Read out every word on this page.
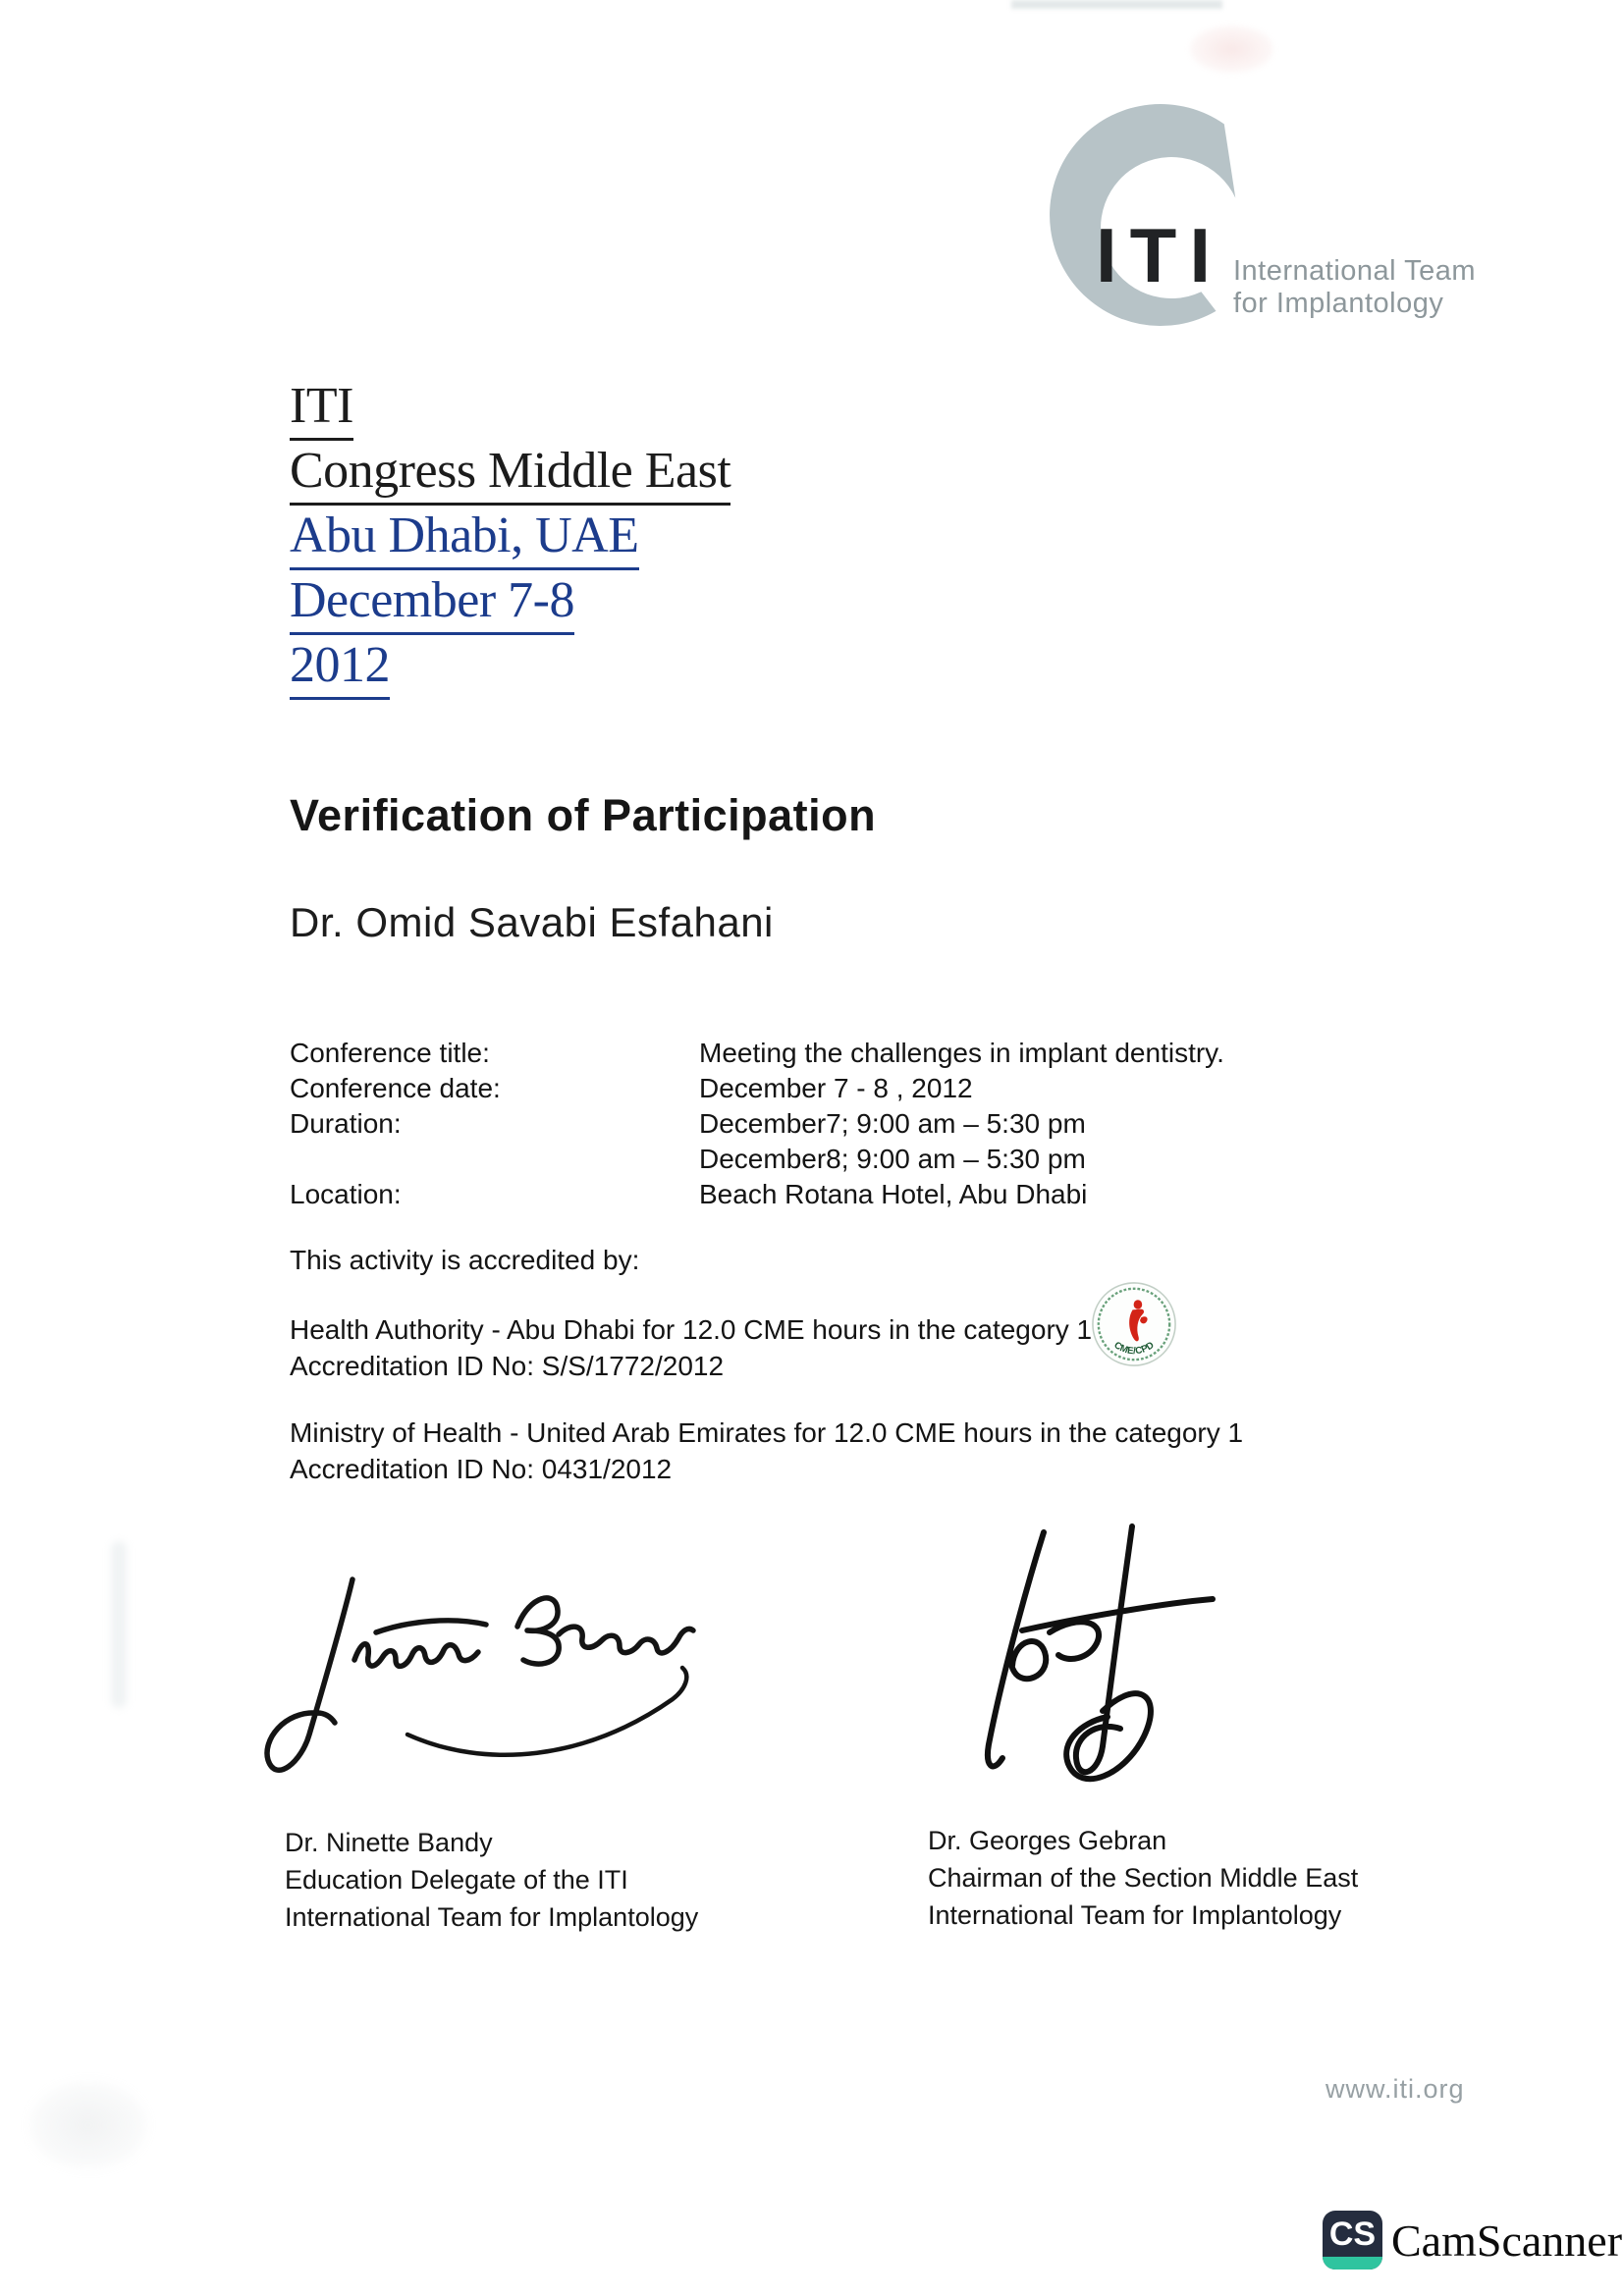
ITI International Team
for Implantology
ITI
Congress Middle East
Abu Dhabi, UAE
December 7-8
2012
Verification of Participation
Dr. Omid Savabi Esfahani
Conference title:	Meeting the challenges in implant dentistry.
Conference date:	December 7 - 8 , 2012
Duration:	December7; 9:00 am – 5:30 pm
December8; 9:00 am – 5:30 pm
Location:	Beach Rotana Hotel, Abu Dhabi
This activity is accredited by:
Health Authority - Abu Dhabi for 12.0 CME hours in the category 1
Accreditation ID No: S/S/1772/2012
Ministry of Health - United Arab Emirates for 12.0 CME hours in the category 1
Accreditation ID No: 0431/2012
CME/CPD
Dr. Ninette Bandy
Education Delegate of the ITI
International Team for Implantology
Dr. Georges Gebran
Chairman of the Section Middle East
International Team for Implantology
www.iti.org
CS CamScanner
